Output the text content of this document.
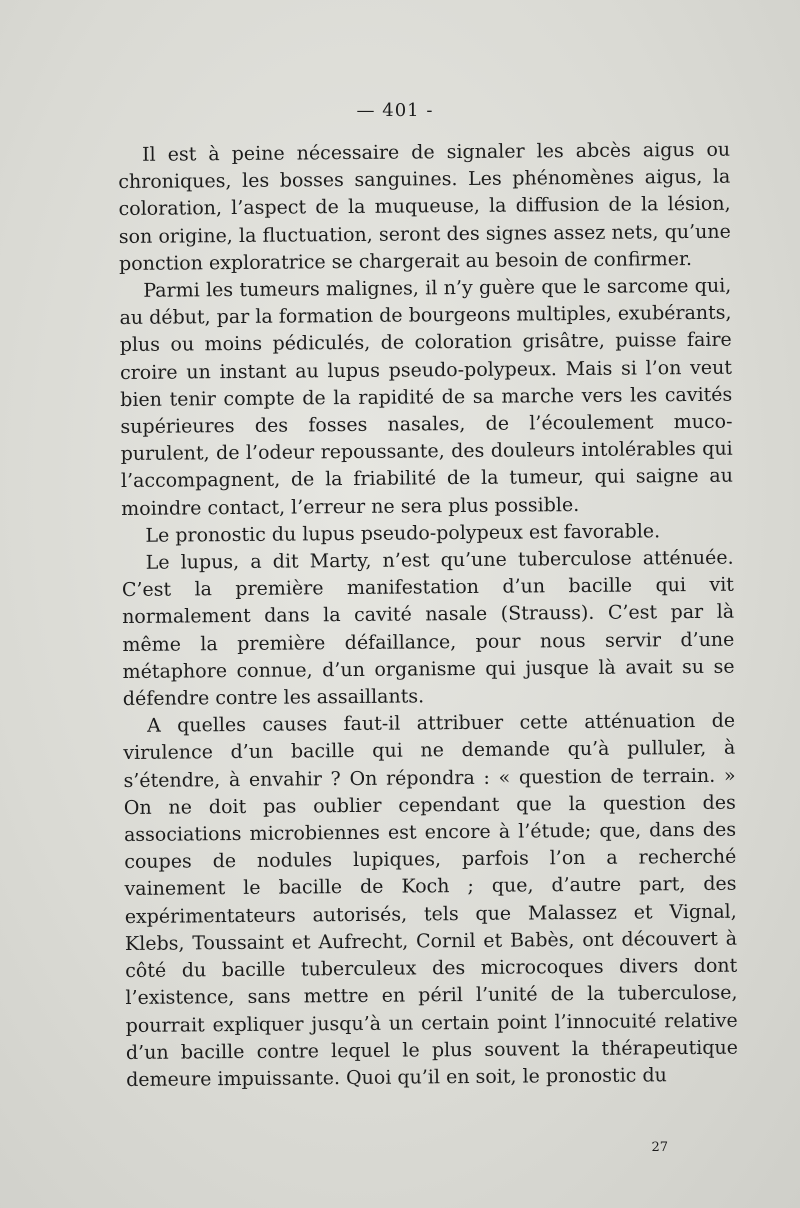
— 401 -

Il est à peine nécessaire de signaler les abcès aigus ou chroniques, les bosses sanguines. Les phénomènes aigus, la coloration, l’aspect de la muqueuse, la diffusion de la lésion, son origine, la fluctuation, seront des signes assez nets, qu’une ponction exploratrice se chargerait au besoin de confirmer.

Parmi les tumeurs malignes, il n’y guère que le sarcome qui, au début, par la formation de bourgeons multiples, exubérants, plus ou moins pédiculés, de coloration grisâtre, puisse faire croire un instant au lupus pseudo-polypeux. Mais si l’on veut bien tenir compte de la rapidité de sa marche vers les cavités supérieures des fosses nasales, de l’écoulement muco-purulent, de l’odeur repoussante, des douleurs intolérables qui l’accompagnent, de la friabilité de la tumeur, qui saigne au moindre contact, l’erreur ne sera plus possible.

Le pronostic du lupus pseudo-polypeux est favorable.

Le lupus, a dit Marty, n’est qu’une tuberculose atténuée. C’est la première manifestation d’un bacille qui vit normalement dans la cavité nasale (Strauss). C’est par là même la première défaillance, pour nous servir d’une métaphore connue, d’un organisme qui jusque là avait su se défendre contre les assaillants.

A quelles causes faut-il attribuer cette atténuation de virulence d’un bacille qui ne demande qu’à pulluler, à s’étendre, à envahir ? On répondra : « question de terrain. » On ne doit pas oublier cependant que la question des associations microbiennes est encore à l’étude; que, dans des coupes de nodules lupiques, parfois l’on a recherché vainement le bacille de Koch ; que, d’autre part, des expérimentateurs autorisés, tels que Malassez et Vignal, Klebs, Toussaint et Aufrecht, Cornil et Babès, ont découvert à côté du bacille tuberculeux des microcoques divers dont l’existence, sans mettre en péril l’unité de la tuberculose, pourrait expliquer jusqu’à un certain point l’innocuité relative d’un bacille contre lequel le plus souvent la thérapeutique demeure impuissante. Quoi qu’il en soit, le pronostic du

27
